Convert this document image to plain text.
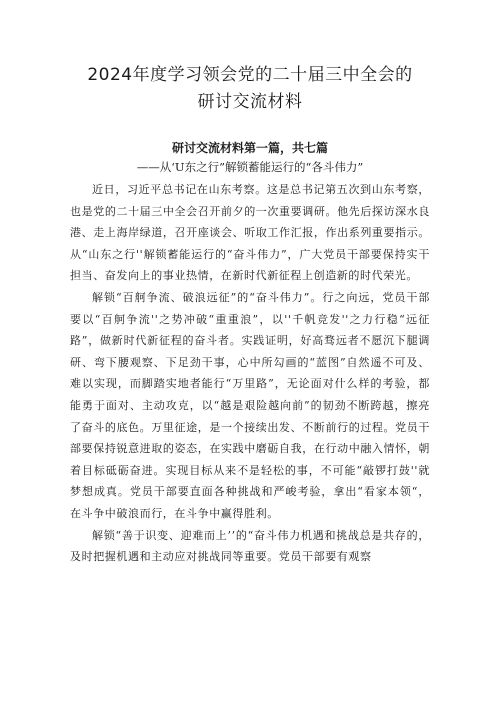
2024年度学习领会党的二十届三中全会的
研讨交流材料

研讨交流材料第一篇，共七篇

——从‘U东之行”解锁蓄能运行的“各斗伟力”

近日，习近平总书记在山东考察。这是总书记第五次到山东考察，也是党的二十届三中全会召开前夕的一次重要调研。他先后探访深水良港、走上海岸绿道，召开座谈会、听取工作汇报，作出系列重要指示。从“山东之行''解锁蓄能运行的“奋斗伟力”，广大党员干部要保持实干担当、奋发向上的事业热情，在新时代新征程上创造新的时代荣光。

解锁“百舸争流、破浪远征”的“奋斗伟力”。行之向远，党员干部要以“百舸争流''之势冲破“重重浪”，以''千帆竞发''之力行稳“远征路”，做新时代新征程的奋斗者。实践证明，好高骛远者不愿沉下腿调研、弯下腰观察、下足劲干事，心中所勾画的“蓝图”自然遥不可及、难以实现，而脚踏实地者能行“万里路”，无论面对什么样的考验，都能勇于面对、主动攻克，以“越是艰险越向前”的韧劲不断跨越，擦亮了奋斗的底色。万里征途，是一个接续出发、不断前行的过程。党员干部要保持锐意进取的姿态，在实践中磨砺自我，在行动中融入情怀，朝着目标砥砺奋进。实现目标从来不是轻松的事，不可能“敲锣打鼓''就梦想成真。党员干部要直面各种挑战和严峻考验，拿出“看家本领“，在斗争中破浪而行，在斗争中赢得胜利。

解锁“善于识变、迎难而上’’的“奋斗伟力机遇和挑战总是共存的，及时把握机遇和主动应对挑战同等重要。党员干部要有观察
